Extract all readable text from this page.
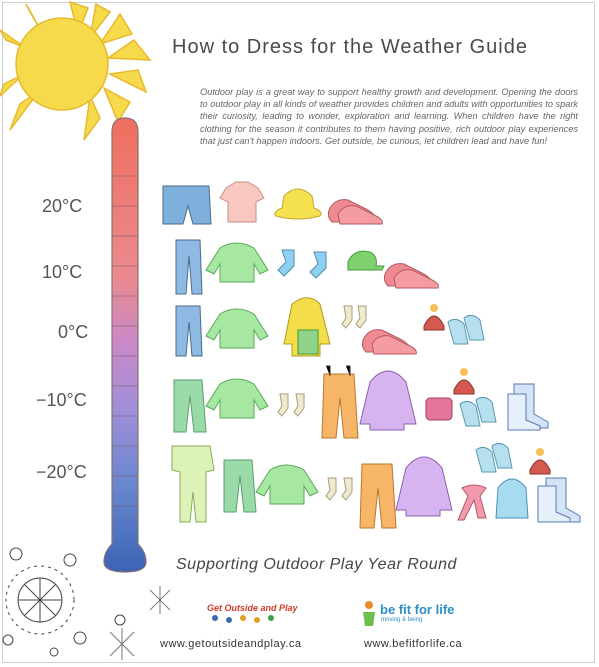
How to Dress for the Weather Guide
Outdoor play is a great way to support healthy growth and development. Opening the doors to outdoor play in all kinds of weather provides children and adults with opportunities to spark their curiosity, leading to wonder, exploration and learning. When children have the right clothing for the season it contributes to them having positive, rich outdoor play experiences that just can't happen indoors. Get outside, be curious, let children lead and have fun!
20°C
10°C
0°C
−10°C
−20°C
Supporting Outdoor Play Year Round
Get Outside and Play
www.getoutsideandplay.ca
be fit for life
moving & being
www.befitforlife.ca
